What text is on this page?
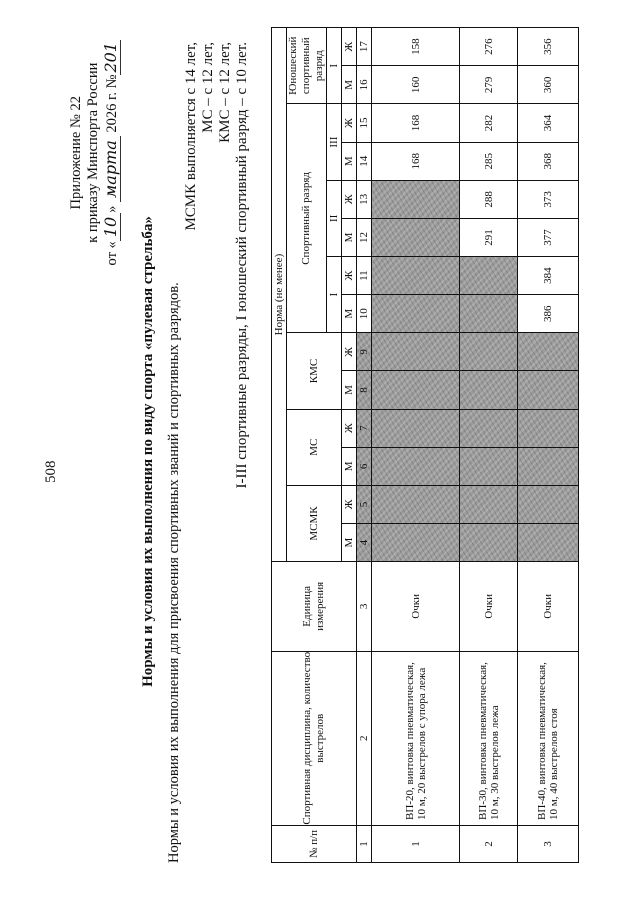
508
Приложение № 22 к приказу Минспорта России
от «10» марта 2026 г. №201
Нормы и условия их выполнения по виду спорта «пулевая стрельба» Нормы и условия их выполнения для присвоения спортивных званий и спортивных разрядов.
МСМК выполняется с 14 лет, МС – с 12 лет, КМС – с 12 лет, I-III спортивные разряды, I юношеский спортивный разряд – с 10 лет.
№ п/п	Спортивная дисциплина, количество выстрелов	Единица измерения	Норма (не менее)													
			МСМК		МС		КМС		Спортивный разряд						Юношеский спортивный разряд	
									I		II		III		I	
			М	Ж	М	Ж	М	Ж	М	Ж	М	Ж	М	Ж	М	Ж
1	2	3	4	5	6	7	8	9	10	11	12	13	14	15	16	17
1	ВП-20, винтовка пневматическая, 10 м, 20 выстрелов с упора лежа	Очки											168	168	160	158
2	ВП-30, винтовка пневматическая, 10 м, 30 выстрелов лежа	Очки									291	288	285	282	279	276
3	ВП-40, винтовка пневматическая, 10 м, 40 выстрелов стоя	Очки							386	384	377	373	368	364	360	356
